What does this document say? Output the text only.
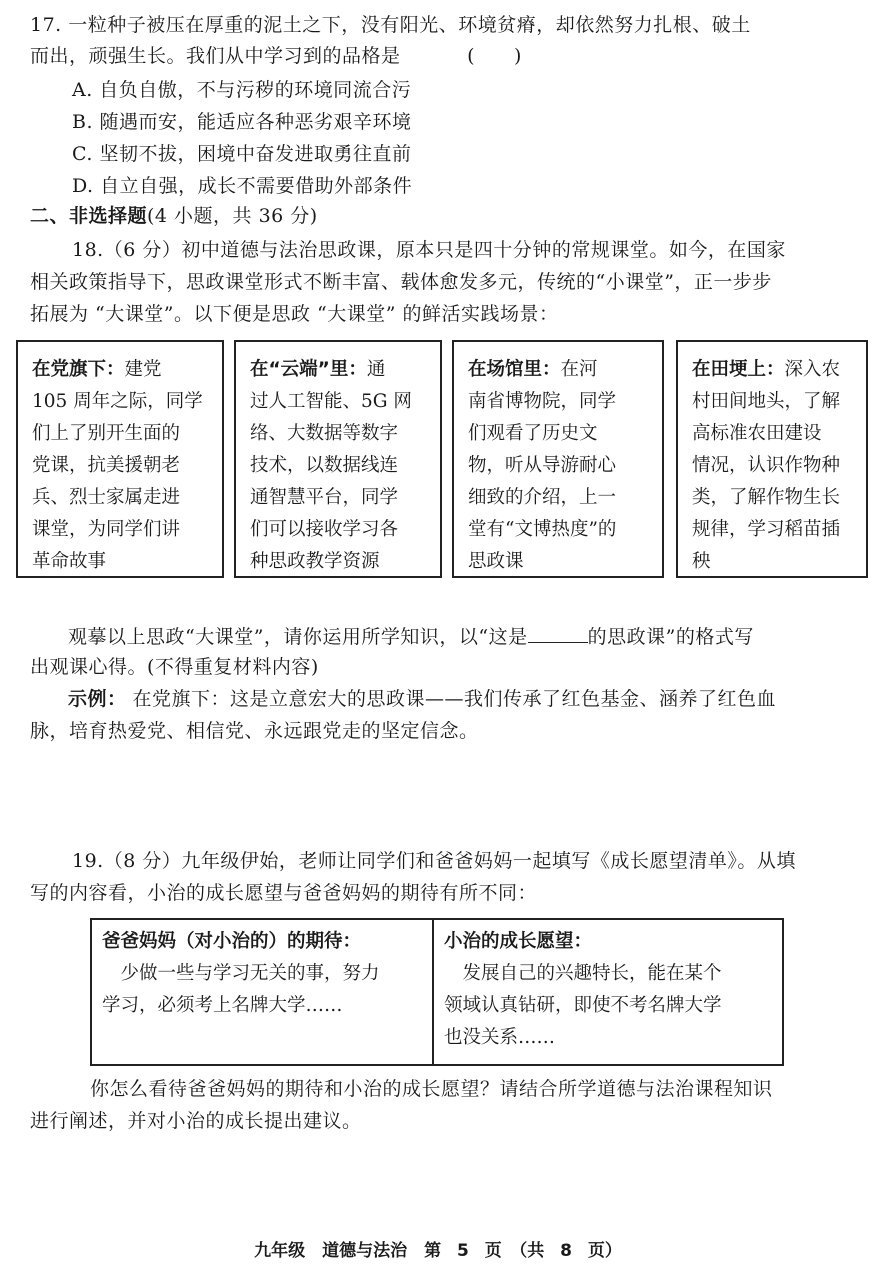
17. 一粒种子被压在厚重的泥土之下，没有阳光、环境贫瘠，却依然努力扎根、破土
而出，顽强生长。我们从中学习到的品格是	(　　)
A. 自负自傲，不与污秽的环境同流合污
B. 随遇而安，能适应各种恶劣艰辛环境
C. 坚韧不拔，困境中奋发进取勇往直前
D. 自立自强，成长不需要借助外部条件
二、非选择题(4 小题，共 36 分)
18.（6 分）初中道德与法治思政课，原本只是四十分钟的常规课堂。如今，在国家
相关政策指导下，思政课堂形式不断丰富、载体愈发多元，传统的“小课堂”，正一步步
拓展为 “大课堂”。以下便是思政 “大课堂” 的鲜活实践场景：
在党旗下：建党
105 周年之际，同学
们上了别开生面的
党课，抗美援朝老
兵、烈士家属走进
课堂，为同学们讲
革命故事
在“云端”里：通
过人工智能、5G 网
络、大数据等数字
技术，以数据线连
通智慧平台，同学
们可以接收学习各
种思政教学资源
在场馆里：在河
南省博物院，同学
们观看了历史文
物，听从导游耐心
细致的介绍，上一
堂有“文博热度”的
思政课
在田埂上：深入农
村田间地头，了解
高标准农田建设
情况，认识作物种
类，了解作物生长
规律，学习稻苗插
秧
观摹以上思政“大课堂”，请你运用所学知识，以“这是	的思政课”的格式写
出观课心得。(不得重复材料内容)
示例： 在党旗下：这是立意宏大的思政课——我们传承了红色基金、涵养了红色血
脉，培育热爱党、相信党、永远跟党走的坚定信念。
19.（8 分）九年级伊始，老师让同学们和爸爸妈妈一起填写《成长愿望清单》。从填
写的内容看，小治的成长愿望与爸爸妈妈的期待有所不同：
爸爸妈妈（对小治的）的期待：
　少做一些与学习无关的事，努力
学习，必须考上名牌大学……
小治的成长愿望：
　发展自己的兴趣特长，能在某个
领域认真钻研，即使不考名牌大学
也没关系……
你怎么看待爸爸妈妈的期待和小治的成长愿望？请结合所学道德与法治课程知识
进行阐述，并对小治的成长提出建议。
九年级　道德与法治　第 5 页　（共 8 页）
